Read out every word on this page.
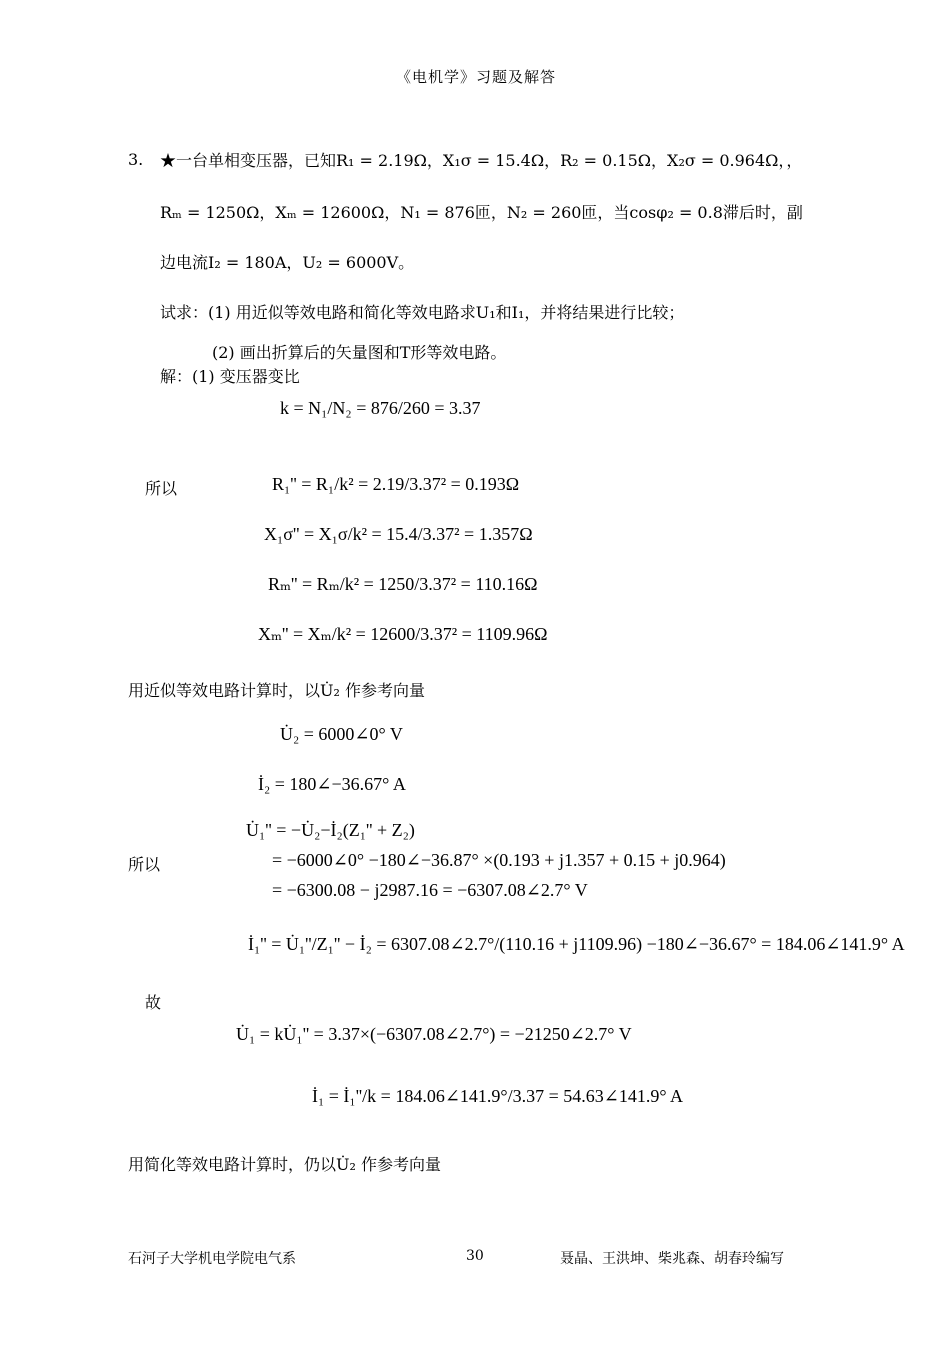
《电机学》习题及解答
3. ★一台单相变压器，已知R₁ = 2.19Ω，X₁σ = 15.4Ω，R₂ = 0.15Ω，X₂σ = 0.964Ω，，
Rₘ = 1250Ω，Xₘ = 12600Ω，N₁ = 876匝，N₂ = 260匝，当cosφ₂ = 0.8滞后时，副
边电流I₂ = 180A，U₂ = 6000V。
试求：(1) 用近似等效电路和简化等效电路求U₁和I₁，并将结果进行比较；
(2) 画出折算后的矢量图和T形等效电路。
解：(1) 变压器变比
k = N₁/N₂ = 876/260 = 3.37
所以	R₁'' = R₁/k² = 2.19/3.37² = 0.193Ω
X₁σ'' = X₁σ/k² = 15.4/3.37² = 1.357Ω
Rₘ'' = Rₘ/k² = 1250/3.37² = 110.16Ω
Xₘ'' = Xₘ/k² = 12600/3.37² = 1109.96Ω
用近似等效电路计算时，以U̇₂ 作参考向量
U̇₂ = 6000∠0° V
İ₂ = 180∠−36.67° A
U̇₁'' = −U̇₂−İ₂(Z₁'' + Z₂)
所以	= −6000∠0° −180∠−36.87° ×(0.193 + j1.357 + 0.15 + j0.964)
= −6300.08 − j2987.16 = −6307.08∠2.7° V
İ₁'' = U̇₁''/Z₁'' − İ₂ = 6307.08∠2.7°/(110.16 + j1109.96) −180∠−36.67° = 184.06∠141.9° A
故
U̇₁ = kU̇₁'' = 3.37×(−6307.08∠2.7°) = −21250∠2.7° V
İ₁ = İ₁''/k = 184.06∠141.9°/3.37 = 54.63∠141.9° A
用简化等效电路计算时，仍以U̇₂ 作参考向量
石河子大学机电学院电气系	30	聂晶、王洪坤、柴兆森、胡春玲编写
